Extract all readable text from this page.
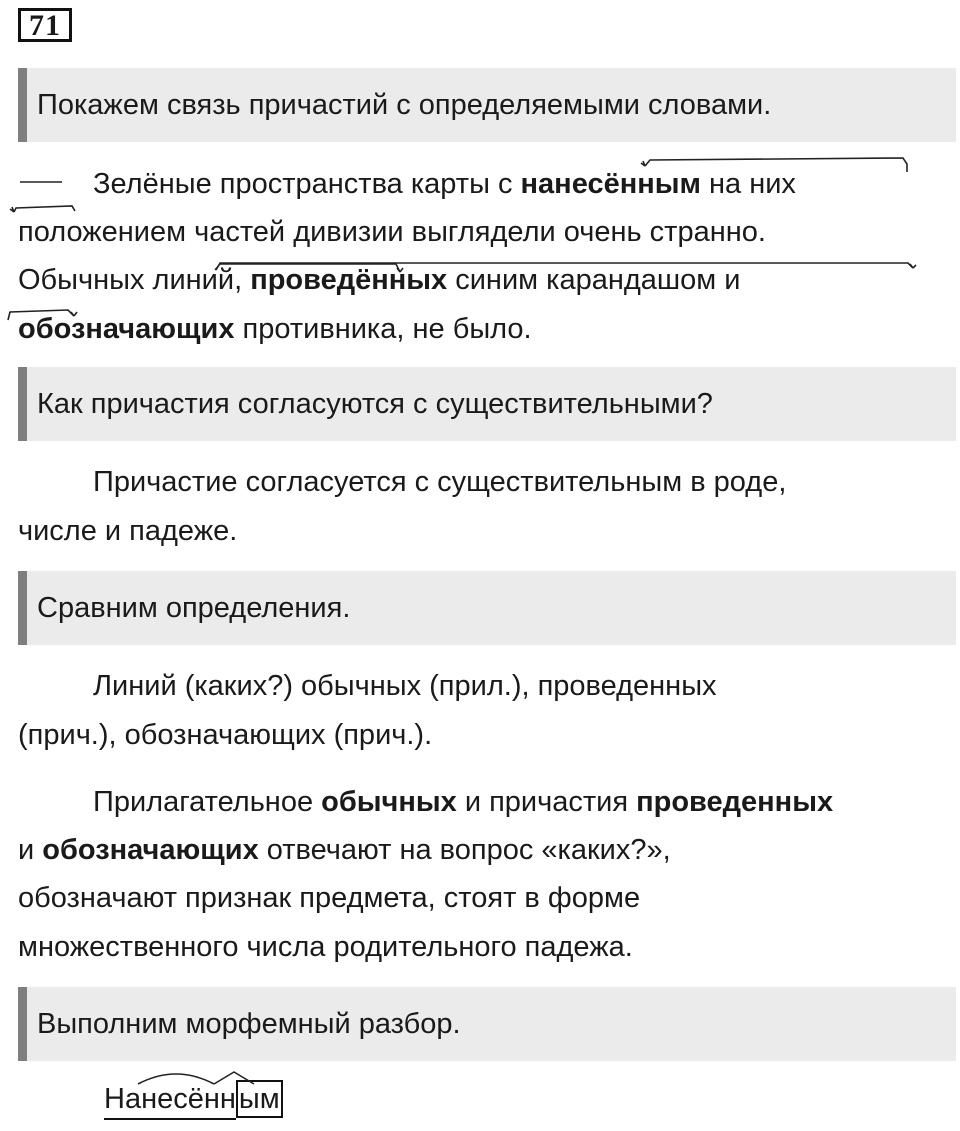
71
Покажем связь причастий с определяемыми словами.
Зелёные пространства карты с нанесённым на них
положением частей дивизии выглядели очень странно.
Обычных линий, проведённых синим карандашом и
обозначающих противника, не было.
Как причастия согласуются с существительными?
Причастие согласуется с существительным в роде,
числе и падеже.
Сравним определения.
Линий (каких?) обычных (прил.), проведенных
(прич.), обозначающих (прич.).
Прилагательное обычных и причастия проведенных
и обозначающих отвечают на вопрос «каких?»,
обозначают признак предмета, стоят в форме
множественного числа родительного падежа.
Выполним морфемный разбор.
Нанесённ ым
